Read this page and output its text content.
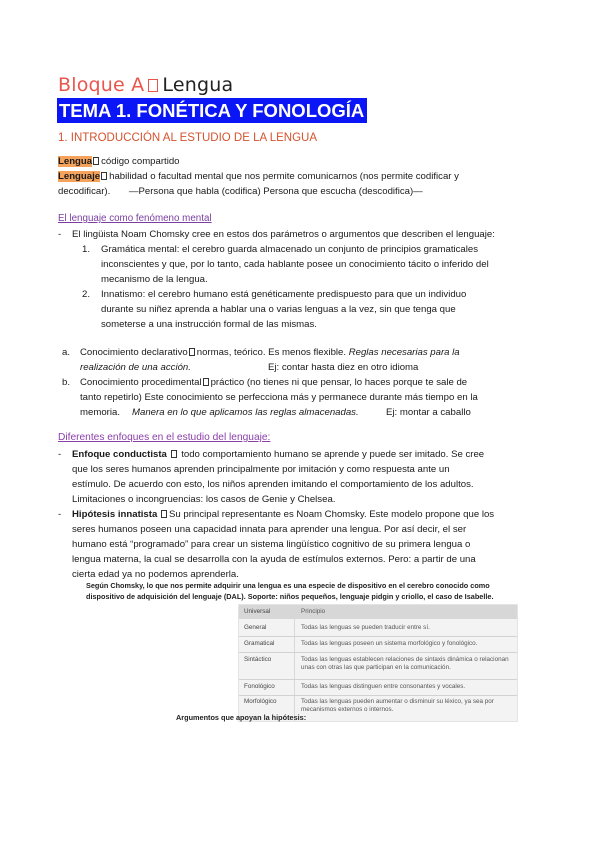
Bloque A Lengua
TEMA 1. FONÉTICA Y FONOLOGÍA
1. INTRODUCCIÓN AL ESTUDIO DE LA LENGUA
Lengua código compartido
Lenguaje habilidad o facultad mental que nos permite comunicarnos (nos permite codificar y
decodificar).       —Persona que habla (codifica) Persona que escucha (descodifica)—
El lenguaje como fenómeno mental
- El lingüista Noam Chomsky cree en estos dos parámetros o argumentos que describen el lenguaje:
1. Gramática mental: el cerebro guarda almacenado un conjunto de principios gramaticales
inconscientes y que, por lo tanto, cada hablante posee un conocimiento tácito o inferido del
mecanismo de la lengua.
2. Innatismo: el cerebro humano está genéticamente predispuesto para que un individuo
durante su niñez aprenda a hablar una o varias lenguas a la vez, sin que tenga que
someterse a una instrucción formal de las mismas.
a. Conocimiento declarativo normas, teórico. Es menos flexible. Reglas necesarias para la
realización de una acción.	Ej: contar hasta diez en otro idioma
b. Conocimiento procedimental práctico (no tienes ni que pensar, lo haces porque te sale de
tanto repetirlo) Este conocimiento se perfecciona más y permanece durante más tiempo en la
memoria. Manera en lo que aplicamos las reglas almacenadas.	Ej: montar a caballo
Diferentes enfoques en el estudio del lenguaje:
- Enfoque conductista todo comportamiento humano se aprende y puede ser imitado. Se cree
que los seres humanos aprenden principalmente por imitación y como respuesta ante un
estímulo. De acuerdo con esto, los niños aprenden imitando el comportamiento de los adultos.
Limitaciones o incongruencias: los casos de Genie y Chelsea.
- Hipótesis innatista Su principal representante es Noam Chomsky. Este modelo propone que los
seres humanos poseen una capacidad innata para aprender una lengua. Por así decir, el ser
humano está “programado” para crear un sistema lingüístico cognitivo de su primera lengua o
lengua materna, la cual se desarrolla con la ayuda de estímulos externos. Pero: a partir de una
cierta edad ya no podemos aprenderla.
Según Chomsky, lo que nos permite adquirir una lengua es una especie de dispositivo en el cerebro conocido como
dispositivo de adquisición del lenguaje (DAL). Soporte: niños pequeños, lenguaje pidgin y criollo, el caso de Isabelle.
Universal	Principio
General	Todas las lenguas se pueden traducir entre sí.
Gramatical	Todas las lenguas poseen un sistema morfológico y fonológico.
Sintáctico	Todas las lenguas establecen relaciones de sintaxis dinámica o relacionan unas con otras las que participan en la comunicación.
Fonológico	Todas las lenguas distinguen entre consonantes y vocales.
Morfológico	Todas las lenguas pueden aumentar o disminuir su léxico, ya sea por mecanismos externos o internos.
Argumentos que apoyan la hipótesis:
